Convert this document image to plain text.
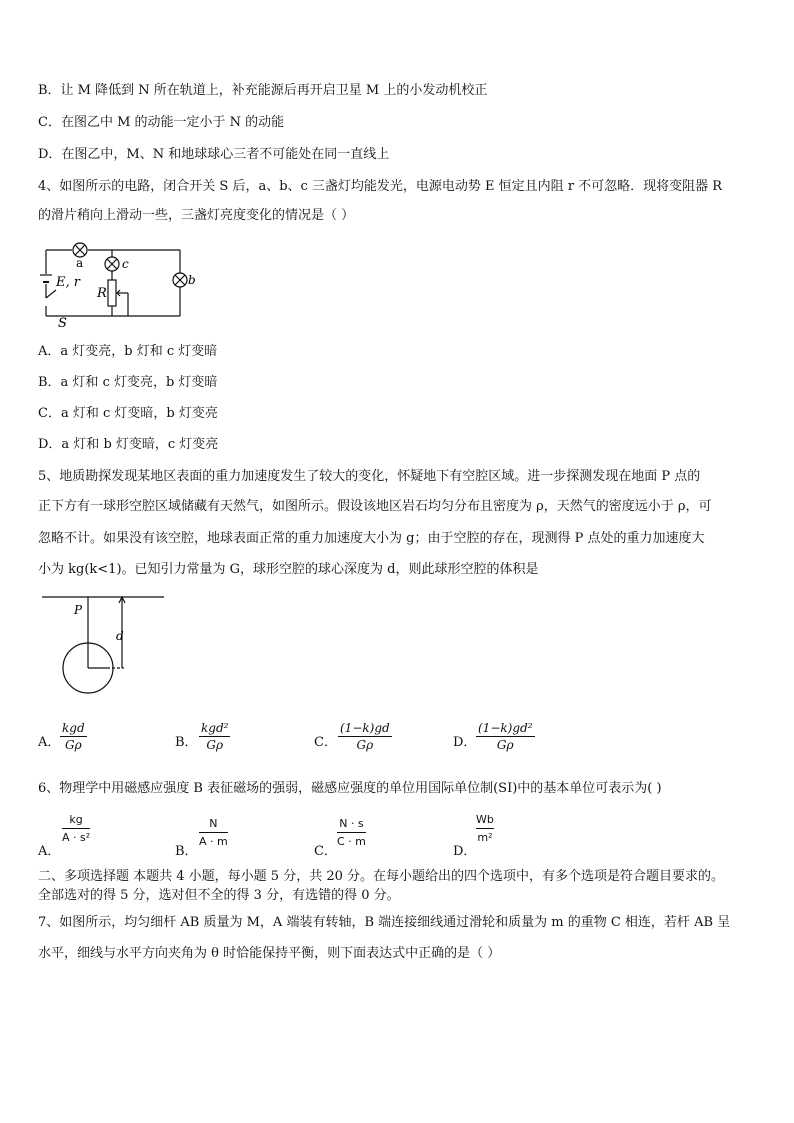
B．让 M 降低到 N 所在轨道上，补充能源后再开启卫星 M 上的小发动机校正
C．在图乙中 M 的动能一定小于 N 的动能
D．在图乙中，M、N 和地球球心三者不可能处在同一直线上
4、如图所示的电路，闭合开关 S 后，a、b、c 三盏灯均能发光，电源电动势 E 恒定且内阻 r 不可忽略．现将变阻器 R
的滑片稍向上滑动一些，三盏灯亮度变化的情况是（ ）
a	c
b
E, r
R
S
A．a 灯变亮，b 灯和 c 灯变暗
B．a 灯和 c 灯变亮，b 灯变暗
C．a 灯和 c 灯变暗，b 灯变亮
D．a 灯和 b 灯变暗，c 灯变亮
5、地质勘探发现某地区表面的重力加速度发生了较大的变化，怀疑地下有空腔区域。进一步探测发现在地面 P 点的
正下方有一球形空腔区域储藏有天然气，如图所示。假设该地区岩石均匀分布且密度为 ρ，天然气的密度远小于 ρ，可
忽略不计。如果没有该空腔，地球表面正常的重力加速度大小为 g；由于空腔的存在，现测得 P 点处的重力加速度大
小为 kg(k<1)。已知引力常量为 G，球形空腔的球心深度为 d，则此球形空腔的体积是
P
d
A．
kgd
Gρ	B．
kgd²
Gρ	C．
(1−k)gd
Gρ	D．
(1−k)gd²
Gρ
6、物理学中用磁感应强度 B 表征磁场的强弱，磁感应强度的单位用国际单位制(SI)中的基本单位可表示为( )
A．
kg
A · s²
B．
N
A · m
C．
N · s
C · m
D．
Wb
m²
二、多项选择题 本题共 4 小题，每小题 5 分，共 20 分。在每小题给出的四个选项中，有多个选项是符合题目要求的。
全部选对的得 5 分，选对但不全的得 3 分，有选错的得 0 分。
7、如图所示，均匀细杆 AB 质量为 M，A 端装有转轴，B 端连接细线通过滑轮和质量为 m 的重物 C 相连，若杆 AB 呈
水平，细线与水平方向夹角为 θ 时恰能保持平衡，则下面表达式中正确的是（ ）
